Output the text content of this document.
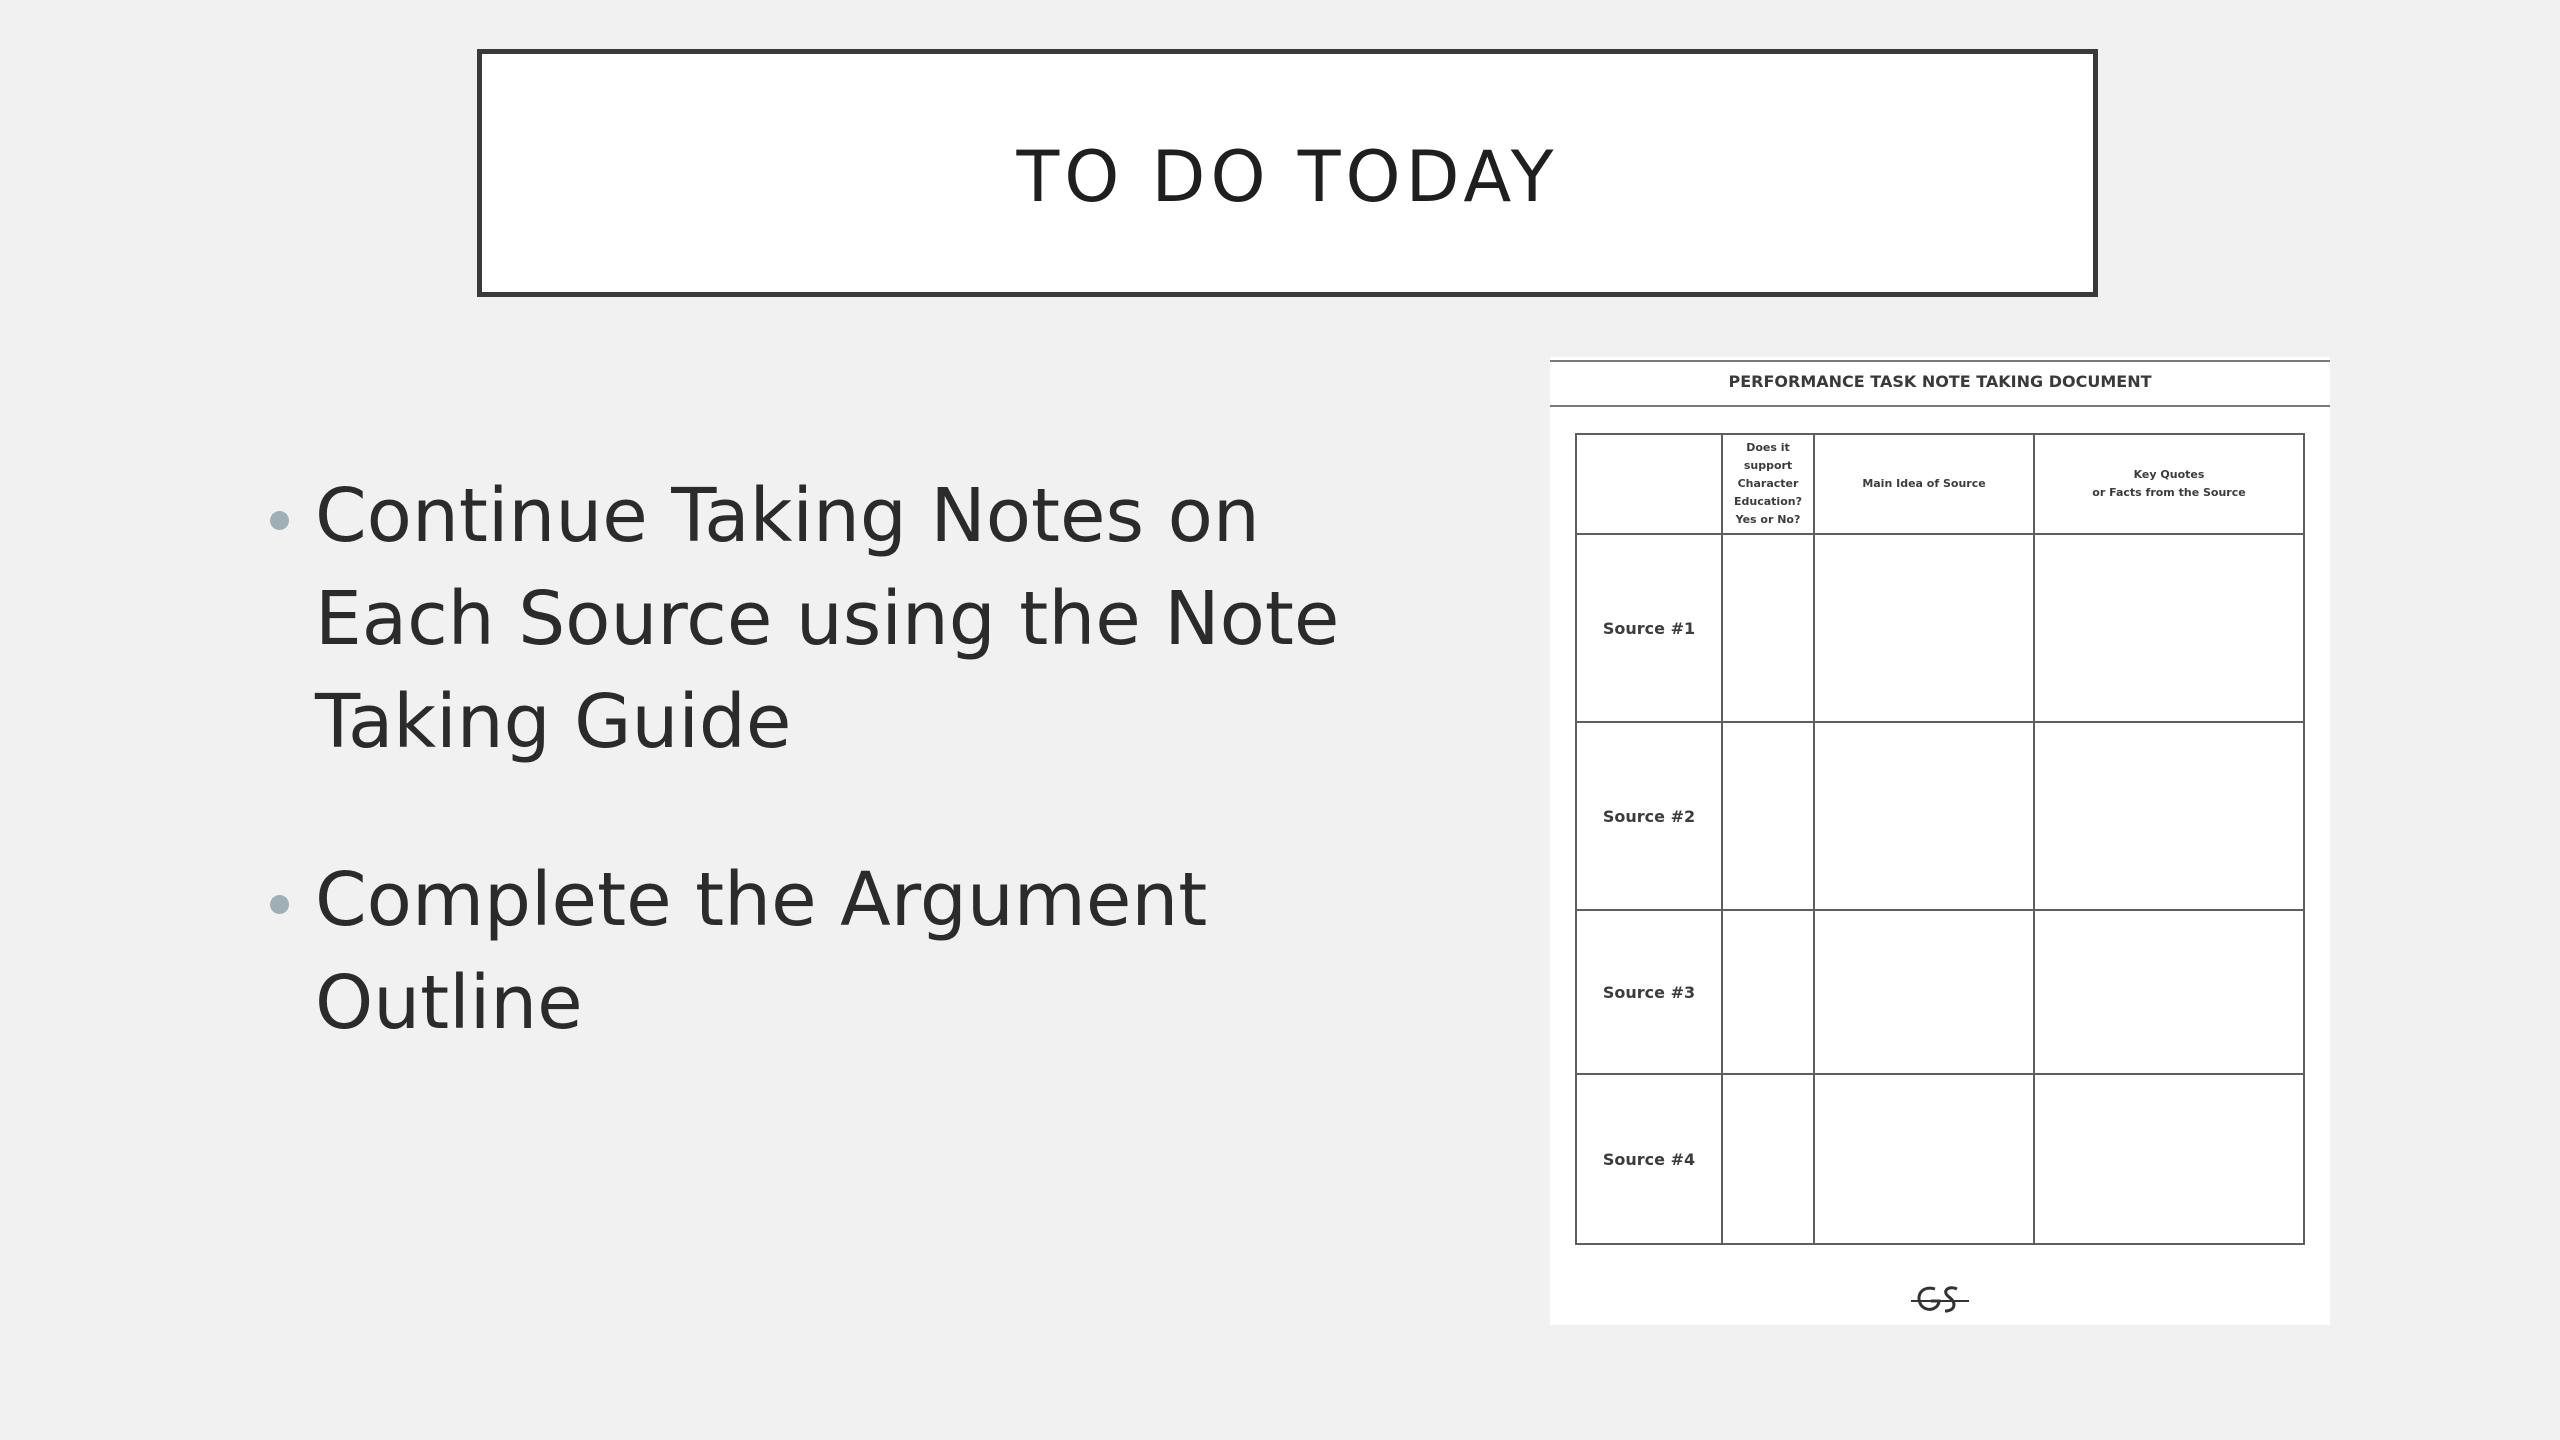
TO DO TODAY
Continue Taking Notes on
Each Source using the Note
Taking Guide
Complete the Argument
Outline
PERFORMANCE TASK NOTE TAKING DOCUMENT
	Does it
support
Character
Education?
Yes or No?	Main Idea of Source	Key Quotes
or Facts from the Source
Source #1			
Source #2			
Source #3			
Source #4			
